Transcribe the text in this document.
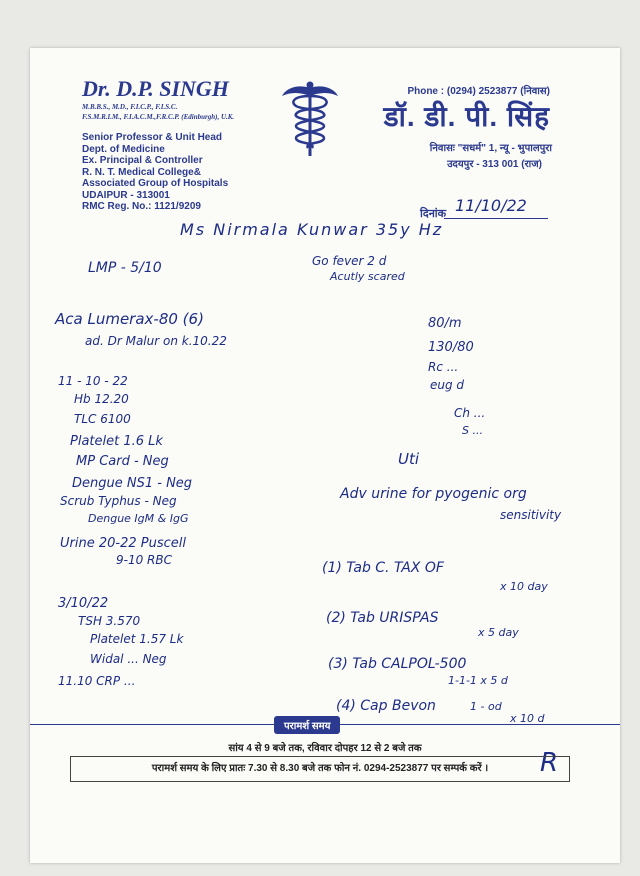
Dr. D.P. SINGH
M.B.B.S., M.D., F.I.C.P., F.I.S.C.
F.S.M.R.I.M., F.I.A.C.M.,F.R.C.P. (Edinburgh), U.K.
Senior Professor & Unit Head
Dept. of Medicine
Ex. Principal & Controller
R. N. T. Medical College&
Associated Group of Hospitals
UDAIPUR - 313001
RMC Reg. No.: 1121/9209
Phone : (0294) 2523877 (निवास)
डॉ. डी. पी. सिंह
निवासः "सधर्म" 1, न्यू - भुपालपुरा
उदयपुर - 313 001 (राज)
दिनांक 11/10/22
Ms Nirmala Kunwar 35y Hz
LMP - 5/10
Aca Lumerax-80 (6)
ad. Dr Malur on k.10.22
11 - 10 - 22
Hb 12.20
TLC 6100
Platelet 1.6 Lk
MP Card - Neg
Dengue NS1 - Neg
Scrub Typhus - Neg
Dengue IgM & IgG
Urine 20-22 Puscell
9-10 RBC
3/10/22
TSH 3.570
Platelet 1.57 Lk
Widal ... Neg
11.10 CRP ...
Go fever 2 d
Acutly scared
80/m
130/80
Rc ...
eug d
Ch ...
S ...
Uti
Adv urine for pyogenic org
sensitivity
(1) Tab C. TAX OF
x 10 day
(2) Tab URISPAS
x 5 day
(3) Tab CALPOL-500
1-1-1 x 5 d
(4) Cap Bevon	1 - od
x 10 d
R
परामर्श समय
सांय 4 से 9 बजे तक, रविवार दोपहर 12 से 2 बजे तक
परामर्श समय के लिए प्रातः 7.30 से 8.30 बजे तक फोन नं. 0294-2523877 पर सम्पर्क करें ।
